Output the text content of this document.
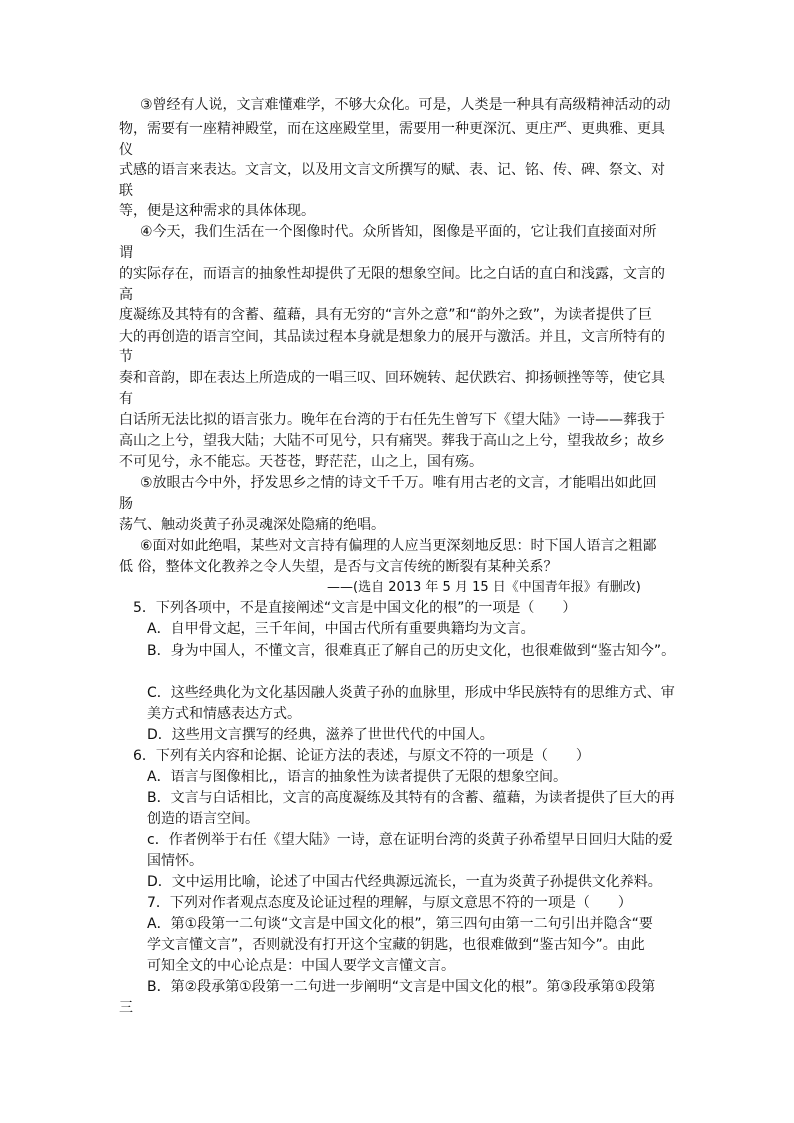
③曾经有人说，文言难懂难学，不够大众化。可是，人类是一种具有高级精神活动的动
物，需要有一座精神殿堂，而在这座殿堂里，需要用一种更深沉、更庄严、更典雅、更具
仪
式感的语言来表达。文言文，以及用文言文所撰写的赋、表、记、铭、传、碑、祭文、对
联
等，便是这种需求的具体体现。
④今天，我们生活在一个图像时代。众所皆知，图像是平面的，它让我们直接面对所
谓
的实际存在，而语言的抽象性却提供了无限的想象空间。比之白话的直白和浅露，文言的
高
度凝练及其特有的含蓄、蕴藉，具有无穷的“言外之意”和“韵外之致”，为读者提供了巨
大的再创造的语言空间，其品读过程本身就是想象力的展开与激活。并且，文言所特有的
节
奏和音韵，即在表达上所造成的一唱三叹、回环婉转、起伏跌宕、抑扬顿挫等等，使它具
有
白话所无法比拟的语言张力。晚年在台湾的于右任先生曾写下《望大陆》一诗——葬我于
高山之上兮，望我大陆；大陆不可见兮，只有痛哭。葬我于高山之上兮，望我故乡；故乡
不可见兮，永不能忘。天苍苍，野茫茫，山之上，国有殇。
⑤放眼古今中外，抒发思乡之情的诗文千千万。唯有用古老的文言，才能唱出如此回
肠
荡气、触动炎黄子孙灵魂深处隐痛的绝唱。
⑥面对如此绝唱，某些对文言持有偏理的人应当更深刻地反思：时下国人语言之粗鄙
低 俗，整体文化教养之令人失望，是否与文言传统的断裂有某种关系？
——(选自 2013 年 5 月 15 日《中国青年报》有删改)
5．下列各项中，不是直接阐述“文言是中国文化的根”的一项是（　　）
A．自甲骨文起，三千年间，中国古代所有重要典籍均为文言。
B．身为中国人，不懂文言，很难真正了解自己的历史文化，也很难做到“鉴古知今”。
C．这些经典化为文化基因融人炎黄子孙的血脉里，形成中华民族特有的思维方式、审
美方式和情感表达方式。
D．这些用文言撰写的经典，滋养了世世代代的中国人。
6．下列有关内容和论据、论证方法的表述，与原文不符的一项是（　　）
A．语言与图像相比,，语言的抽象性为读者提供了无限的想象空间。
B．文言与白话相比，文言的高度凝练及其特有的含蓄、蕴藉，为读者提供了巨大的再
创造的语言空间。
c．作者例举于右任《望大陆》一诗，意在证明台湾的炎黄子孙希望早日回归大陆的爱
国情怀。
D．文中运用比喻，论述了中国古代经典源远流长，一直为炎黄子孙提供文化养料。
7．下列对作者观点态度及论证过程的理解，与原文意思不符的一项是（　　）
A．第①段第一二句谈“文言是中国文化的根”，第三四句由第一二句引出并隐含“要
学文言懂文言”，否则就没有打开这个宝藏的钥匙，也很难做到“鉴古知今”。由此
可知全文的中心论点是：中国人要学文言懂文言。
B．第②段承第①段第一二句进一步阐明“文言是中国文化的根”。第③段承第①段第
三
